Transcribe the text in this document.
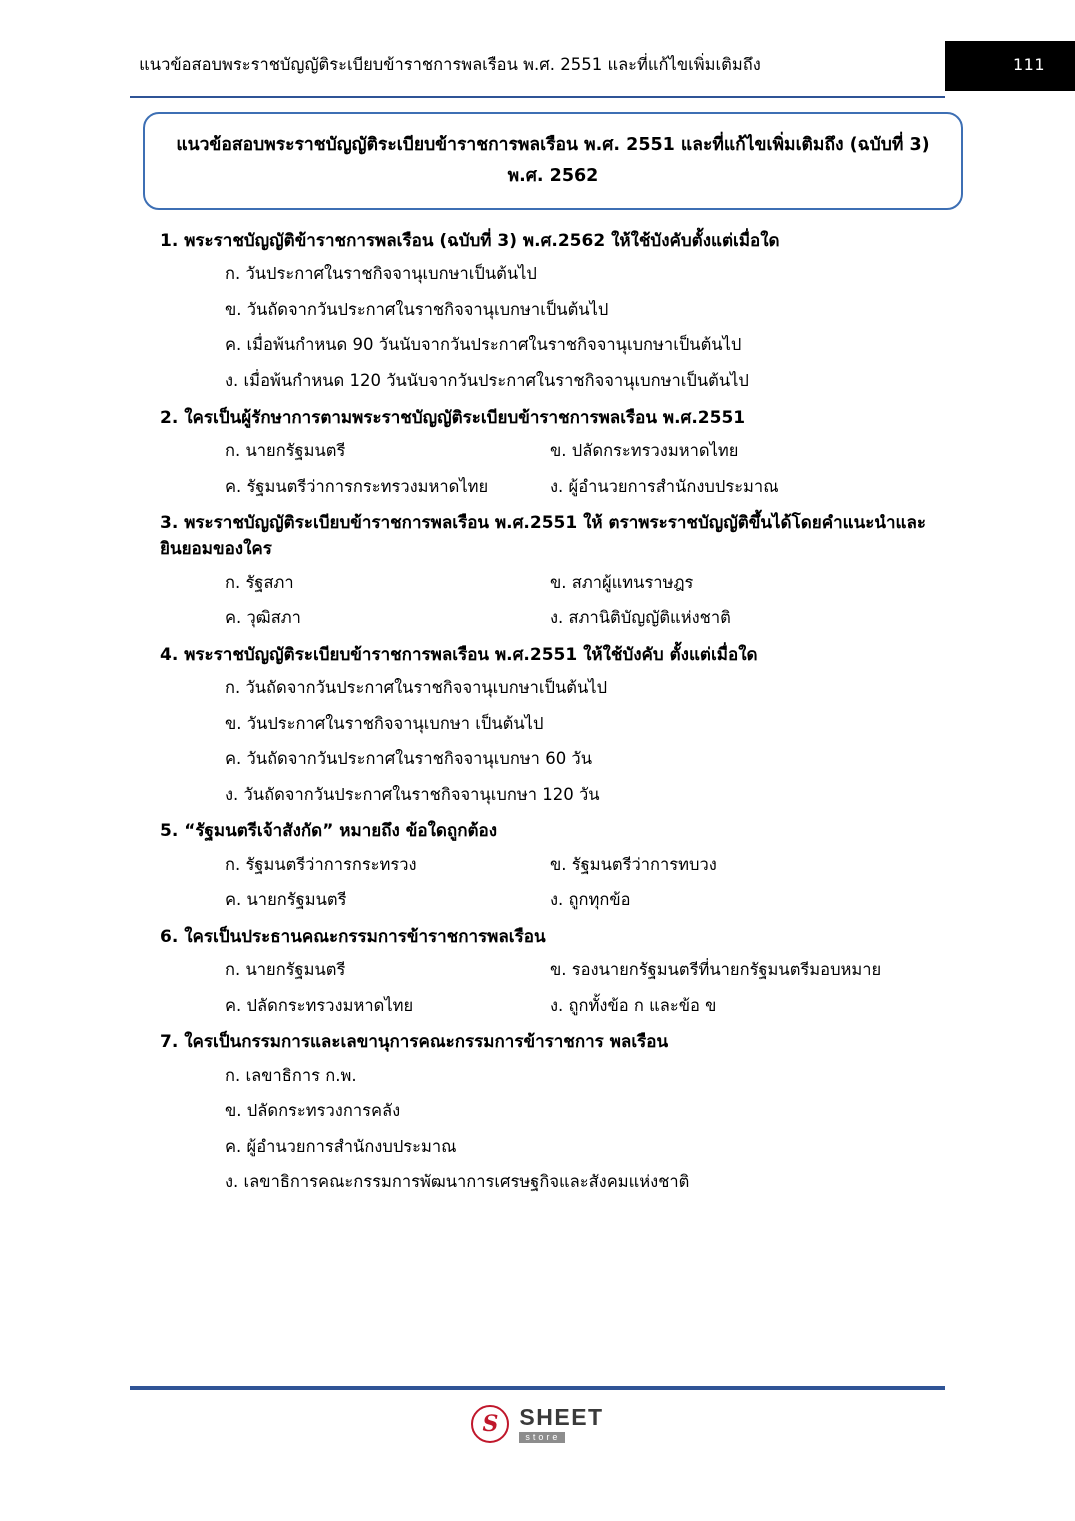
แนวข้อสอบพระราชบัญญัติระเบียบข้าราชการพลเรือน พ.ศ. 2551 และที่แก้ไขเพิ่มเติมถึง	111
แนวข้อสอบพระราชบัญญัติระเบียบข้าราชการพลเรือน พ.ศ. 2551 และที่แก้ไขเพิ่มเติมถึง (ฉบับที่ 3) พ.ศ. 2562
1. พระราชบัญญัติข้าราชการพลเรือน (ฉบับที่ 3) พ.ศ.2562 ให้ใช้บังคับตั้งแต่เมื่อใด
ก. วันประกาศในราชกิจจานุเบกษาเป็นต้นไป
ข. วันถัดจากวันประกาศในราชกิจจานุเบกษาเป็นต้นไป
ค. เมื่อพ้นกำหนด 90 วันนับจากวันประกาศในราชกิจจานุเบกษาเป็นต้นไป
ง. เมื่อพ้นกำหนด 120 วันนับจากวันประกาศในราชกิจจานุเบกษาเป็นต้นไป
2. ใครเป็นผู้รักษาการตามพระราชบัญญัติระเบียบข้าราชการพลเรือน พ.ศ.2551
ก. นายกรัฐมนตรี	ข. ปลัดกระทรวงมหาดไทย
ค. รัฐมนตรีว่าการกระทรวงมหาดไทย	ง. ผู้อำนวยการสำนักงบประมาณ
3. พระราชบัญญัติระเบียบข้าราชการพลเรือน พ.ศ.2551 ให้ ตราพระราชบัญญัติขึ้นได้โดยคำแนะนำและยินยอมของใคร
ก. รัฐสภา	ข. สภาผู้แทนราษฎร
ค. วุฒิสภา	ง. สภานิติบัญญัติแห่งชาติ
4. พระราชบัญญัติระเบียบข้าราชการพลเรือน พ.ศ.2551 ให้ใช้บังคับ ตั้งแต่เมื่อใด
ก. วันถัดจากวันประกาศในราชกิจจานุเบกษาเป็นต้นไป
ข. วันประกาศในราชกิจจานุเบกษา เป็นต้นไป
ค. วันถัดจากวันประกาศในราชกิจจานุเบกษา 60 วัน
ง. วันถัดจากวันประกาศในราชกิจจานุเบกษา 120 วัน
5. “รัฐมนตรีเจ้าสังกัด” หมายถึง ข้อใดถูกต้อง
ก. รัฐมนตรีว่าการกระทรวง	ข. รัฐมนตรีว่าการทบวง
ค. นายกรัฐมนตรี	ง. ถูกทุกข้อ
6. ใครเป็นประธานคณะกรรมการข้าราชการพลเรือน
ก. นายกรัฐมนตรี	ข. รองนายกรัฐมนตรีที่นายกรัฐมนตรีมอบหมาย
ค. ปลัดกระทรวงมหาดไทย	ง. ถูกทั้งข้อ ก และข้อ ข
7. ใครเป็นกรรมการและเลขานุการคณะกรรมการข้าราชการ พลเรือน
ก. เลขาธิการ ก.พ.
ข. ปลัดกระทรวงการคลัง
ค. ผู้อำนวยการสำนักงบประมาณ
ง. เลขาธิการคณะกรรมการพัฒนาการเศรษฐกิจและสังคมแห่งชาติ
S SHEET
store
